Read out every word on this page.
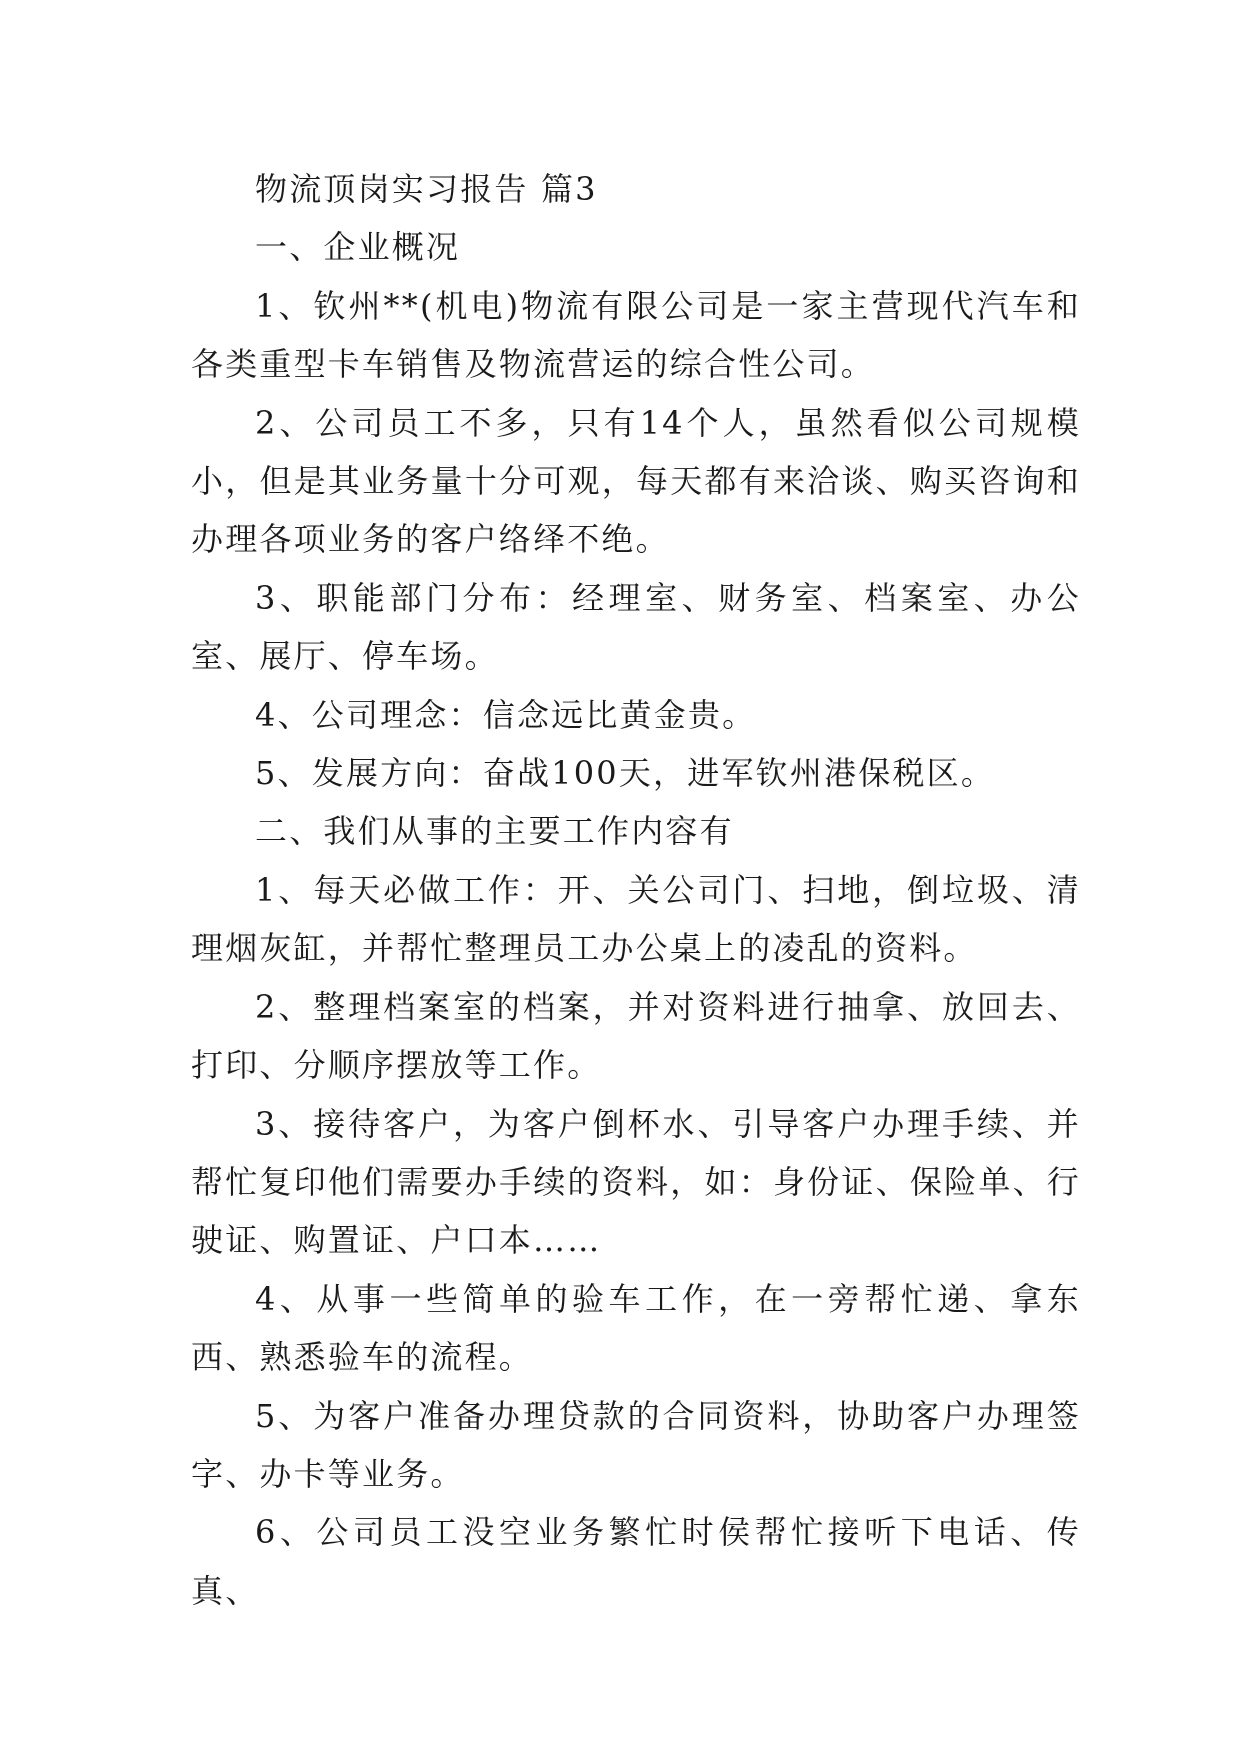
物流顶岗实习报告 篇3

一、企业概况

1、钦州**(机电)物流有限公司是一家主营现代汽车和各类重型卡车销售及物流营运的综合性公司。

2、公司员工不多，只有14个人，虽然看似公司规模小，但是其业务量十分可观，每天都有来洽谈、购买咨询和办理各项业务的客户络绎不绝。

3、职能部门分布：经理室、财务室、档案室、办公室、展厅、停车场。

4、公司理念：信念远比黄金贵。

5、发展方向：奋战100天，进军钦州港保税区。

二、我们从事的主要工作内容有

1、每天必做工作：开、关公司门、扫地，倒垃圾、清理烟灰缸，并帮忙整理员工办公桌上的凌乱的资料。

2、整理档案室的档案，并对资料进行抽拿、放回去、打印、分顺序摆放等工作。

3、接待客户，为客户倒杯水、引导客户办理手续、并帮忙复印他们需要办手续的资料，如：身份证、保险单、行驶证、购置证、户口本……

4、从事一些简单的验车工作，在一旁帮忙递、拿东西、熟悉验车的流程。

5、为客户准备办理贷款的合同资料，协助客户办理签字、办卡等业务。

6、公司员工没空业务繁忙时侯帮忙接听下电话、传真、
